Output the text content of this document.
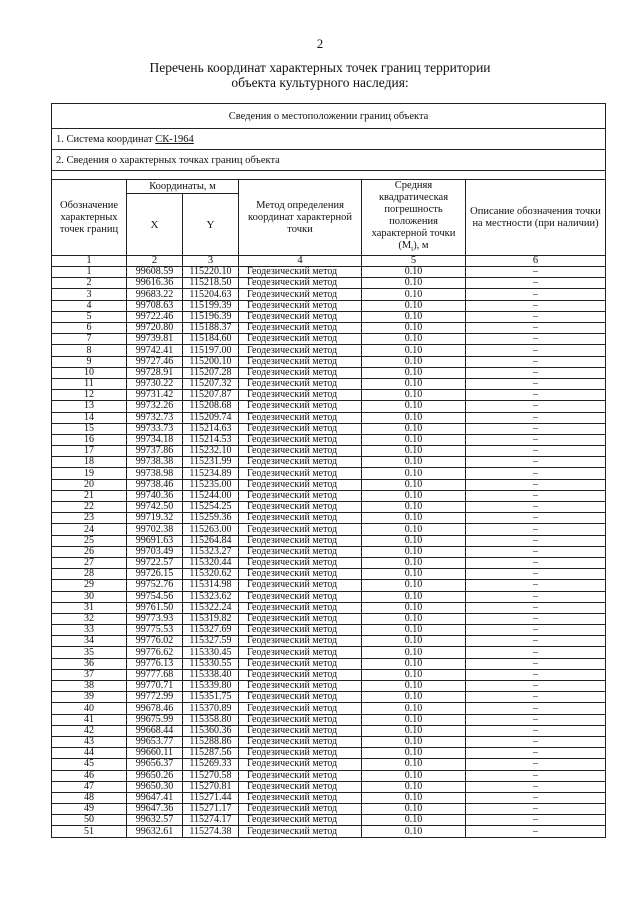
2
Перечень координат характерных точек границ территории
объекта культурного наследия:
Сведения о местоположении границ объекта					
1. Система координат СК-1964					
2. Сведения о характерных точках границ объекта					

Обозначение характерных точек границ	Координаты, м		Метод определения координат характерной точки	Средняя квадратическая погрешность положения характерной точки $(M_t)$, м	Описание обозначения точки на местности (при наличии)
	X	Y			
1	2	3	4	5	6
1	99608.59	115220.10	Геодезический метод	0.10	–
2	99616.36	115218.50	Геодезический метод	0.10	–
3	99683.22	115204.63	Геодезический метод	0.10	–
4	99708.63	115199.39	Геодезический метод	0.10	–
5	99722.46	115196.39	Геодезический метод	0.10	–
6	99720.80	115188.37	Геодезический метод	0.10	–
7	99739.81	115184.60	Геодезический метод	0.10	–
8	99742.41	115197.00	Геодезический метод	0.10	–
9	99727.46	115200.10	Геодезический метод	0.10	–
10	99728.91	115207.28	Геодезический метод	0.10	–
11	99730.22	115207.32	Геодезический метод	0.10	–
12	99731.42	115207.87	Геодезический метод	0.10	–
13	99732.26	115208.68	Геодезический метод	0.10	–
14	99732.73	115209.74	Геодезический метод	0.10	–
15	99733.73	115214.63	Геодезический метод	0.10	–
16	99734.18	115214.53	Геодезический метод	0.10	–
17	99737.86	115232.10	Геодезический метод	0.10	–
18	99738.38	115231.99	Геодезический метод	0.10	–
19	99738.98	115234.89	Геодезический метод	0.10	–
20	99738.46	115235.00	Геодезический метод	0.10	–
21	99740.36	115244.00	Геодезический метод	0.10	–
22	99742.50	115254.25	Геодезический метод	0.10	–
23	99719.32	115259.36	Геодезический метод	0.10	–
24	99702.38	115263.00	Геодезический метод	0.10	–
25	99691.63	115264.84	Геодезический метод	0.10	–
26	99703.49	115323.27	Геодезический метод	0.10	–
27	99722.57	115320.44	Геодезический метод	0.10	–
28	99726.15	115320.62	Геодезический метод	0.10	–
29	99752.76	115314.98	Геодезический метод	0.10	–
30	99754.56	115323.62	Геодезический метод	0.10	–
31	99761.50	115322.24	Геодезический метод	0.10	–
32	99773.93	115319.82	Геодезический метод	0.10	–
33	99775.53	115327.69	Геодезический метод	0.10	–
34	99776.02	115327.59	Геодезический метод	0.10	–
35	99776.62	115330.45	Геодезический метод	0.10	–
36	99776.13	115330.55	Геодезический метод	0.10	–
37	99777.68	115338.40	Геодезический метод	0.10	–
38	99770.71	115339.80	Геодезический метод	0.10	–
39	99772.99	115351.75	Геодезический метод	0.10	–
40	99678.46	115370.89	Геодезический метод	0.10	–
41	99675.99	115358.80	Геодезический метод	0.10	–
42	99668.44	115360.36	Геодезический метод	0.10	–
43	99653.77	115288.86	Геодезический метод	0.10	–
44	99660.11	115287.56	Геодезический метод	0.10	–
45	99656.37	115269.33	Геодезический метод	0.10	–
46	99650.26	115270.58	Геодезический метод	0.10	–
47	99650.30	115270.81	Геодезический метод	0.10	–
48	99647.41	115271.44	Геодезический метод	0.10	–
49	99647.36	115271.17	Геодезический метод	0.10	–
50	99632.57	115274.17	Геодезический метод	0.10	–
51	99632.61	115274.38	Геодезический метод	0.10	–
